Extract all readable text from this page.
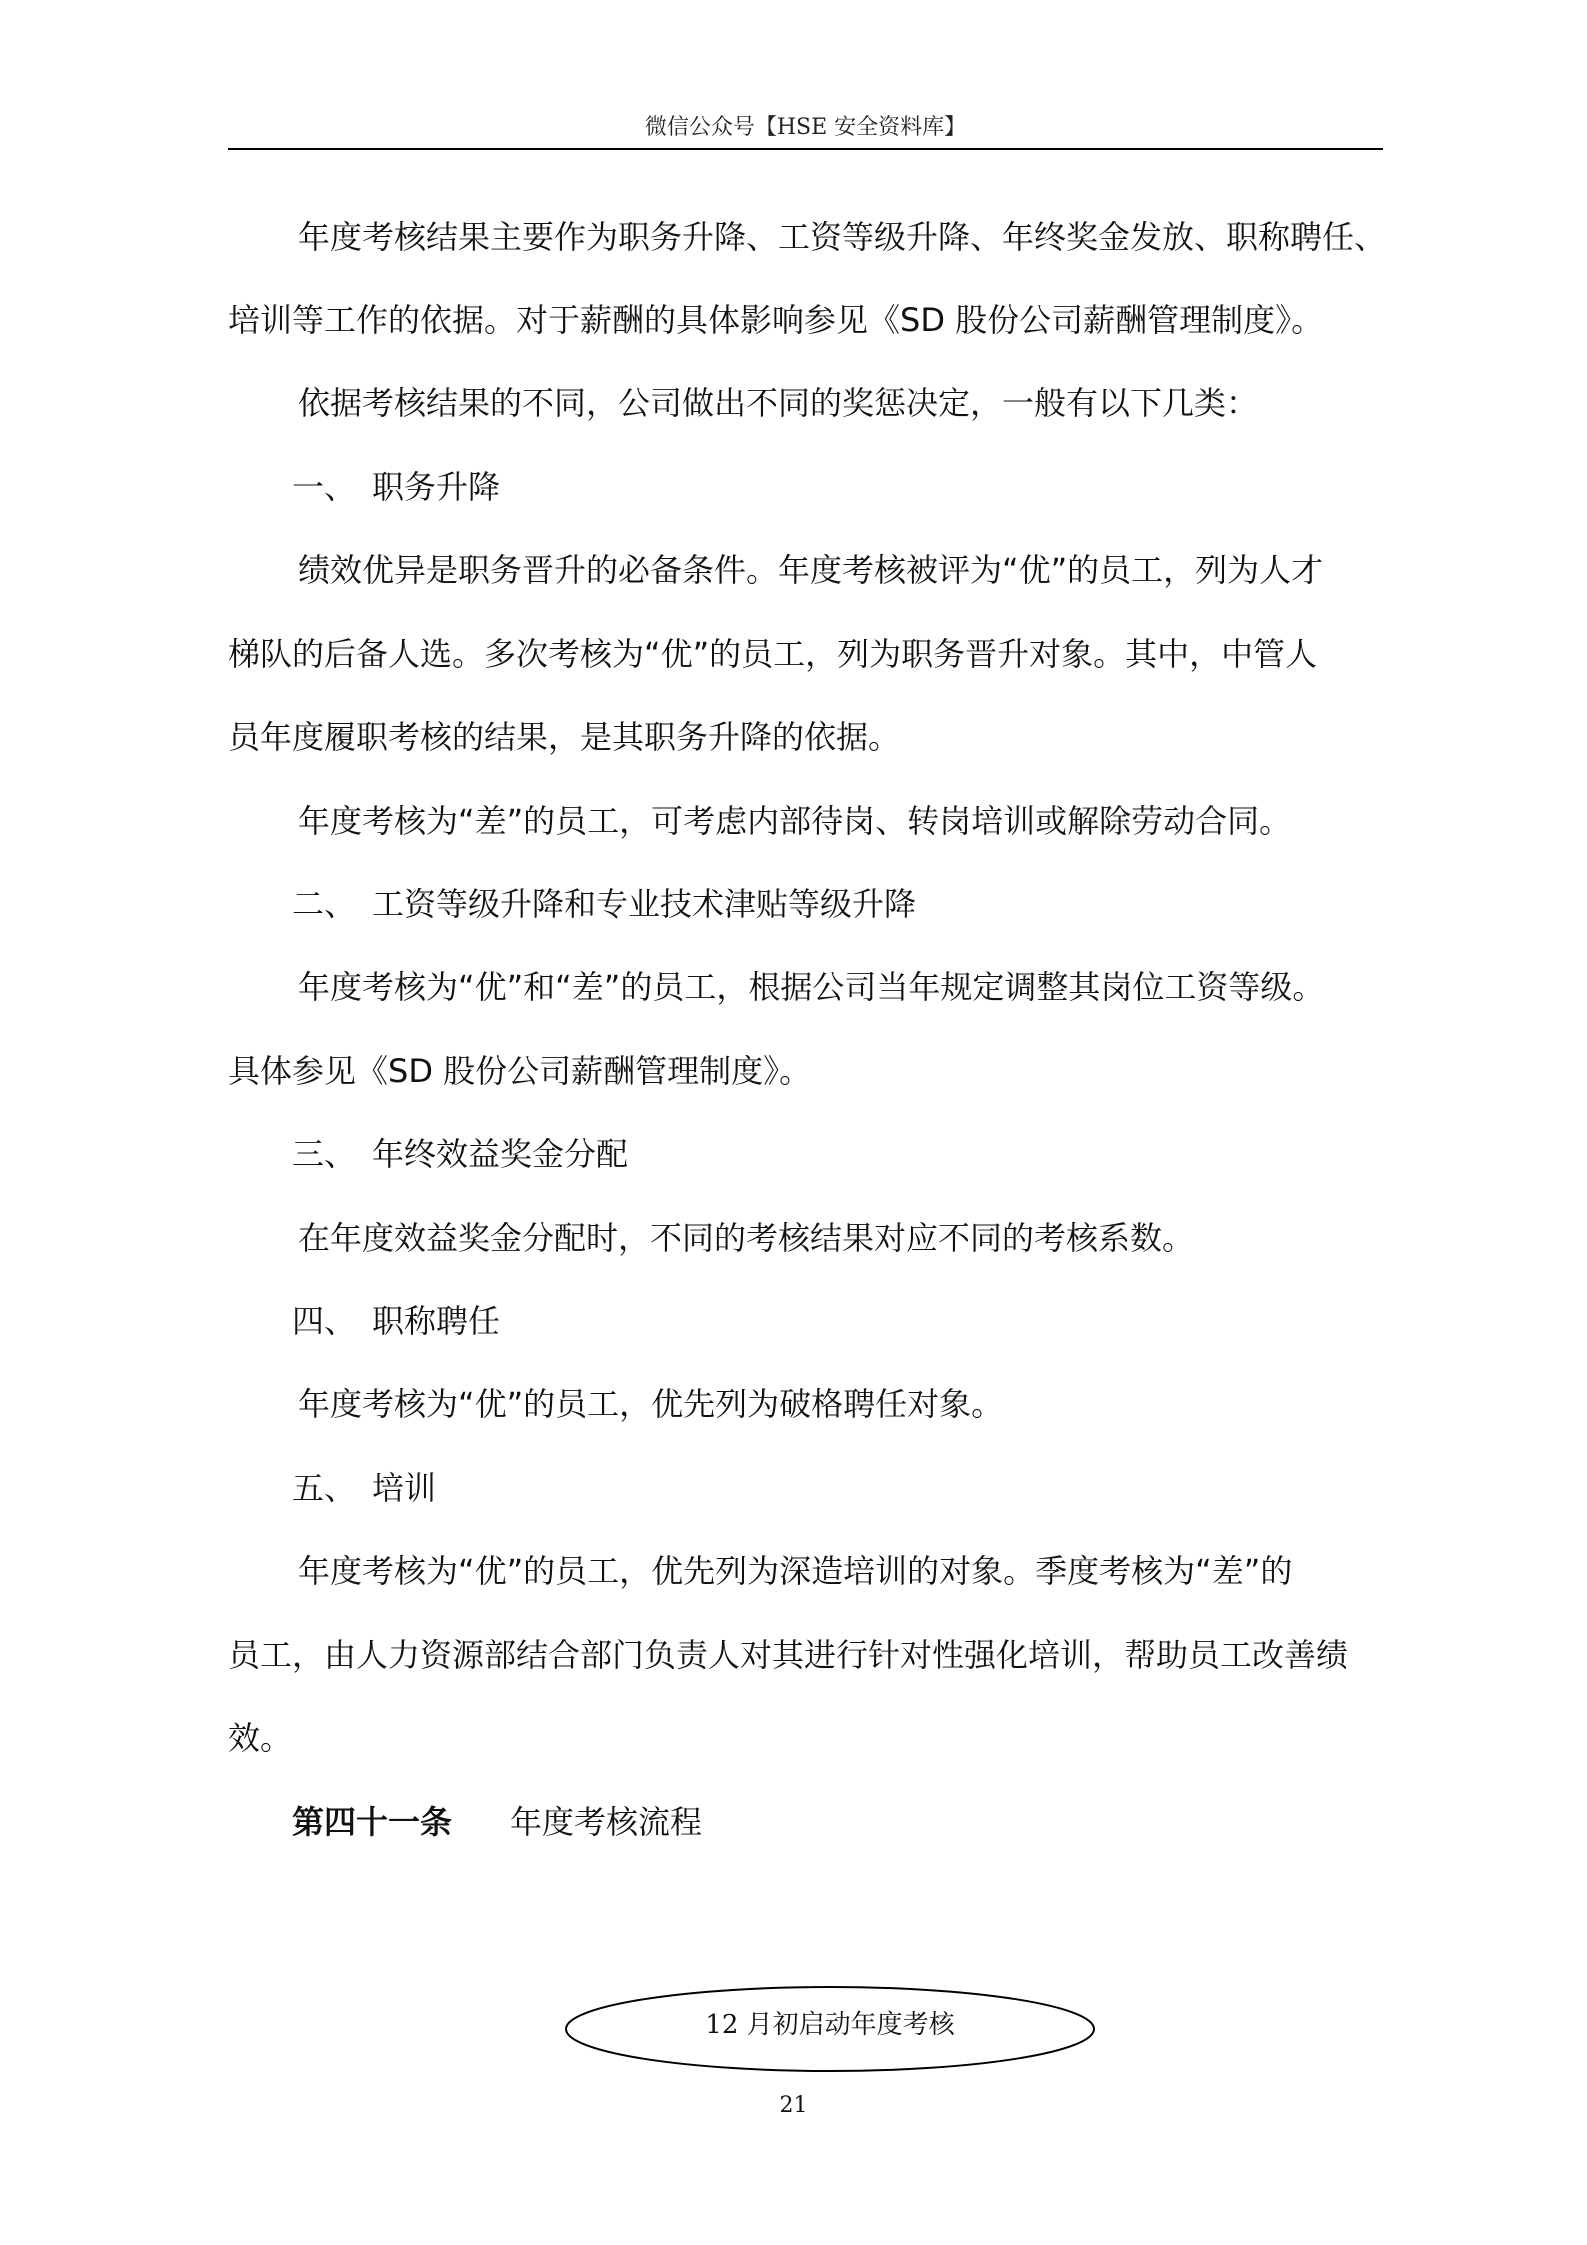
微信公众号【HSE 安全资料库】
年度考核结果主要作为职务升降、工资等级升降、年终奖金发放、职称聘任、
培训等工作的依据。对于薪酬的具体影响参见《SD 股份公司薪酬管理制度》。
依据考核结果的不同，公司做出不同的奖惩决定，一般有以下几类：
一、 职务升降
绩效优异是职务晋升的必备条件。年度考核被评为“优”的员工，列为人才
梯队的后备人选。多次考核为“优”的员工，列为职务晋升对象。其中，中管人
员年度履职考核的结果，是其职务升降的依据。
年度考核为“差”的员工，可考虑内部待岗、转岗培训或解除劳动合同。
二、 工资等级升降和专业技术津贴等级升降
年度考核为“优”和“差”的员工，根据公司当年规定调整其岗位工资等级。
具体参见《SD 股份公司薪酬管理制度》。
三、 年终效益奖金分配
在年度效益奖金分配时，不同的考核结果对应不同的考核系数。
四、 职称聘任
年度考核为“优”的员工，优先列为破格聘任对象。
五、 培训
年度考核为“优”的员工，优先列为深造培训的对象。季度考核为“差”的
员工，由人力资源部结合部门负责人对其进行针对性强化培训，帮助员工改善绩
效。
第四十一条 年度考核流程
12 月初启动年度考核
21
